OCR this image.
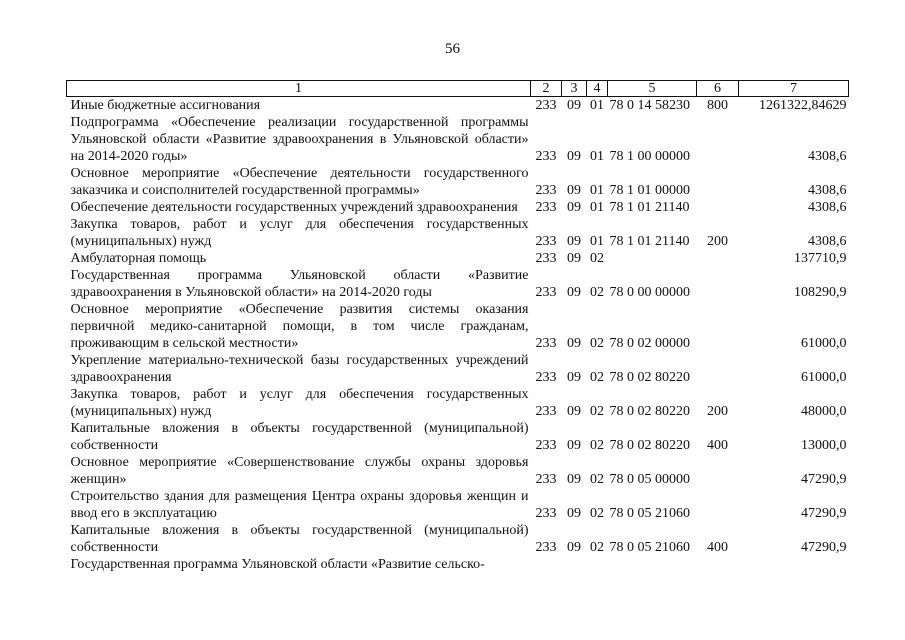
56
1	2	3	4	5	6	7
Иные бюджетные ассигнования	233	09	01	78 0 14 58230	800	1261322,84629
Подпрограмма «Обеспечение реализации государственной программы Ульяновской области «Развитие здравоохранения в Ульяновской области» на 2014-2020 годы»	233	09	01	78 1 00 00000		4308,6
Основное мероприятие «Обеспечение деятельности государственного заказчика и соисполнителей государственной программы»	233	09	01	78 1 01 00000		4308,6
Обеспечение деятельности государственных учреждений здравоохранения	233	09	01	78 1 01 21140		4308,6
Закупка товаров, работ и услуг для обеспечения государственных (муниципальных) нужд	233	09	01	78 1 01 21140	200	4308,6
Амбулаторная помощь	233	09	02			137710,9
Государственная программа Ульяновской области «Развитие здравоохранения в Ульяновской области» на 2014-2020 годы	233	09	02	78 0 00 00000		108290,9
Основное мероприятие «Обеспечение развития системы оказания первичной медико-санитарной помощи, в том числе гражданам, проживающим в сельской местности»	233	09	02	78 0 02 00000		61000,0
Укрепление материально-технической базы государственных учреждений здравоохранения	233	09	02	78 0 02 80220		61000,0
Закупка товаров, работ и услуг для обеспечения государственных (муниципальных) нужд	233	09	02	78 0 02 80220	200	48000,0
Капитальные вложения в объекты государственной (муниципальной) собственности	233	09	02	78 0 02 80220	400	13000,0
Основное мероприятие «Совершенствование службы охраны здоровья женщин»	233	09	02	78 0 05 00000		47290,9
Строительство здания для размещения Центра охраны здоровья женщин и ввод его в эксплуатацию	233	09	02	78 0 05 21060		47290,9
Капитальные вложения в объекты государственной (муниципальной) собственности	233	09	02	78 0 05 21060	400	47290,9
Государственная программа Ульяновской области «Развитие сельско-						
